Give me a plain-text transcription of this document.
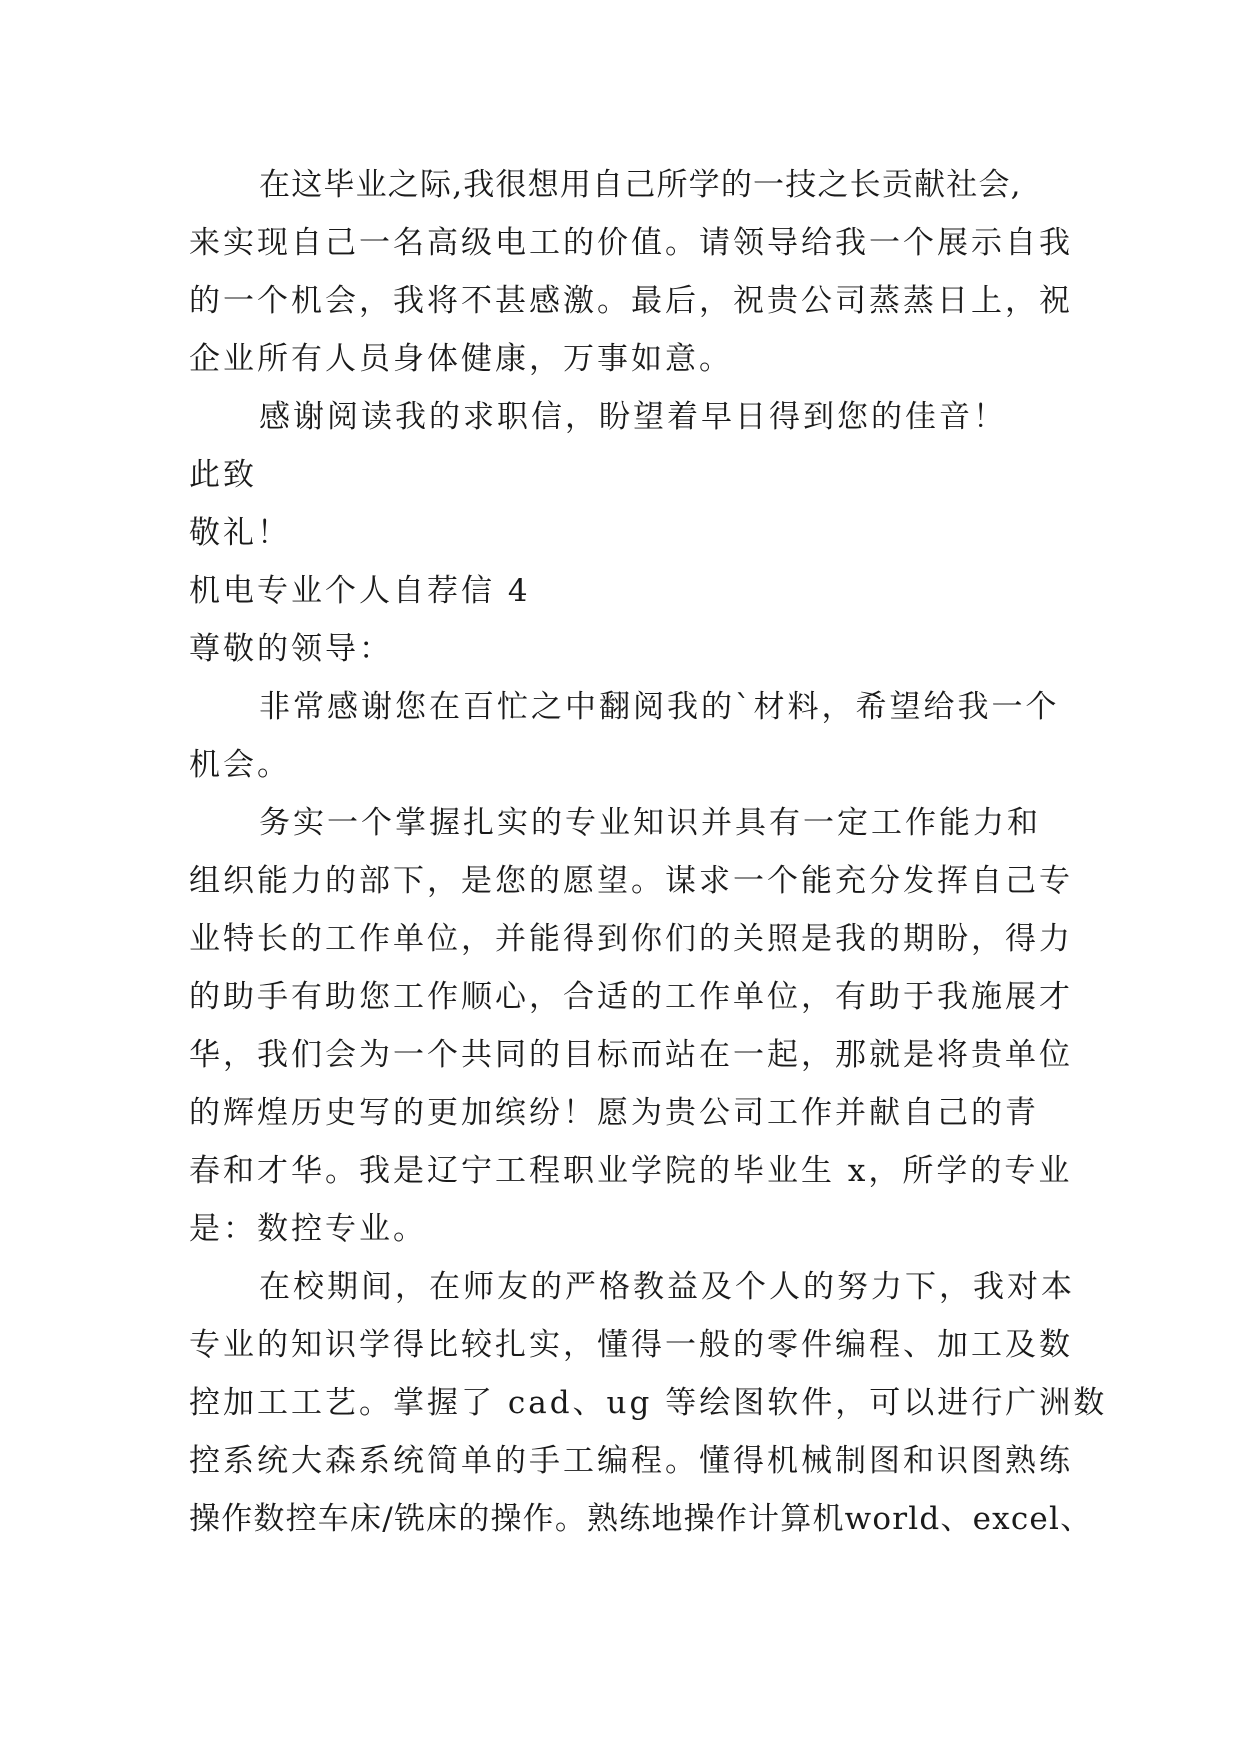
在这毕业之际,我很想用自己所学的一技之长贡献社会,
来实现自己一名高级电工的价值。请领导给我一个展示自我
的一个机会，我将不甚感激。最后，祝贵公司蒸蒸日上，祝
企业所有人员身体健康，万事如意。
感谢阅读我的求职信，盼望着早日得到您的佳音！
此致
敬礼！
机电专业个人自荐信 4
尊敬的领导：
非常感谢您在百忙之中翻阅我的`材料，希望给我一个
机会。
务实一个掌握扎实的专业知识并具有一定工作能力和
组织能力的部下，是您的愿望。谋求一个能充分发挥自己专
业特长的工作单位，并能得到你们的关照是我的期盼，得力
的助手有助您工作顺心，合适的工作单位，有助于我施展才
华，我们会为一个共同的目标而站在一起，那就是将贵单位
的辉煌历史写的更加缤纷！愿为贵公司工作并献自己的青
春和才华。我是辽宁工程职业学院的毕业生 x，所学的专业
是：数控专业。
在校期间，在师友的严格教益及个人的努力下，我对本
专业的知识学得比较扎实，懂得一般的零件编程、加工及数
控加工工艺。掌握了 cad、ug 等绘图软件，可以进行广洲数
控系统大森系统简单的手工编程。懂得机械制图和识图熟练
操作数控车床/铣床的操作。熟练地操作计算机world、excel、
